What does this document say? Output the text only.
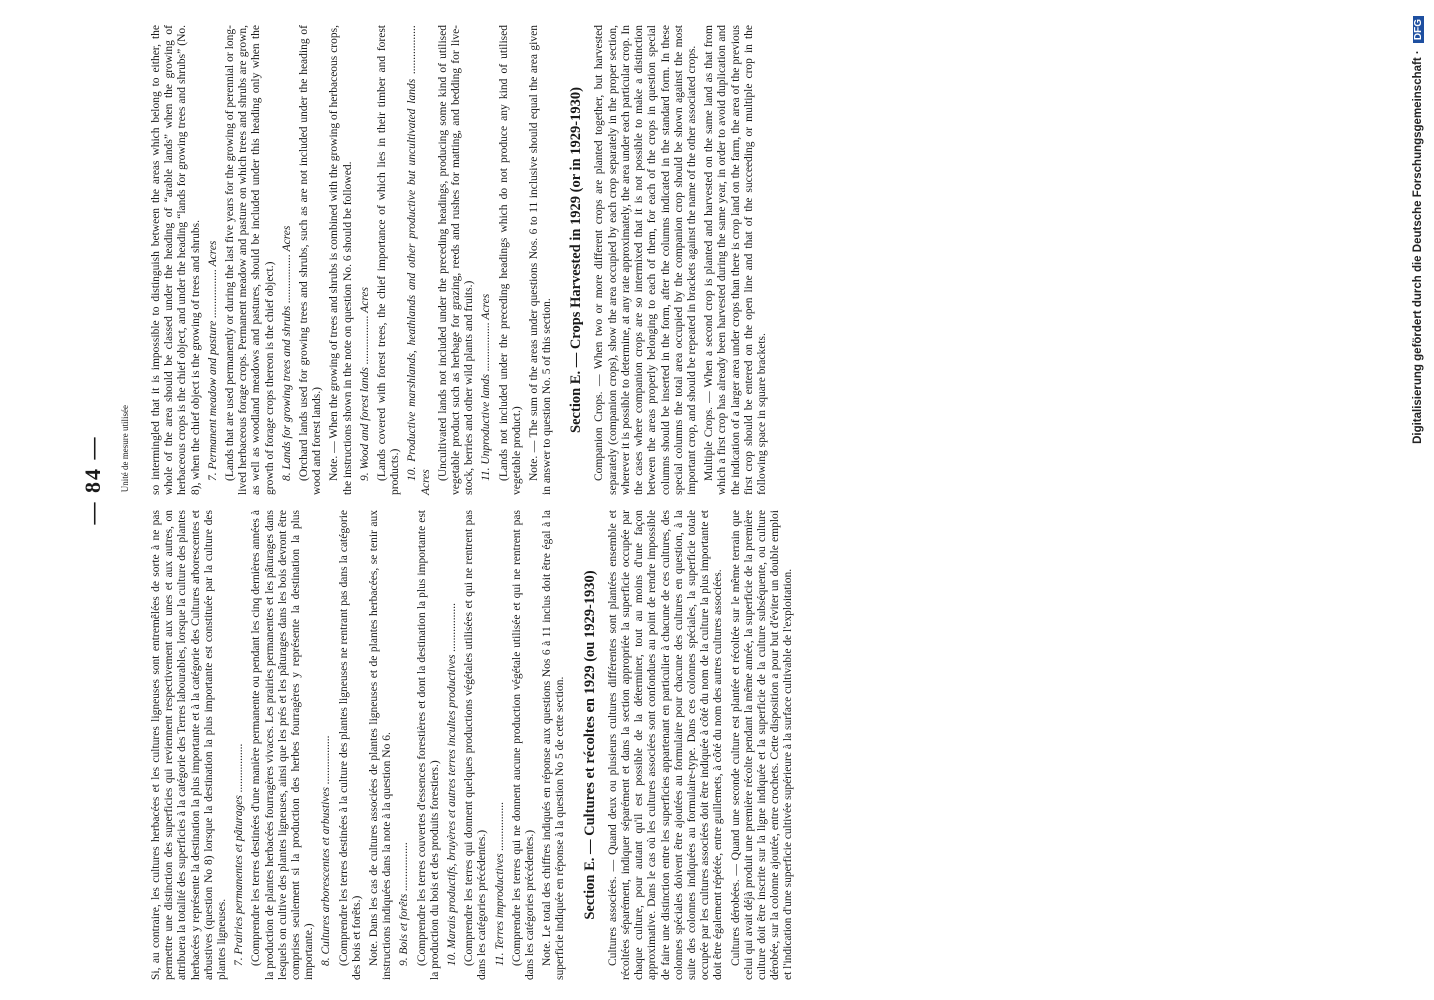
— 84 —	Unité de mesure utilisée

Si, au contraire, les cultures herbacées et les cultures ligneuses sont entremêlées de sorte à ne pas permettre une distinction des superficies qui reviennent respectivement aux unes et aux autres, on attribuera la totalité des superficies à la catégorie des Terres labourables, lorsque la culture des plantes herbacées y représente la destination la plus importante et à la catégorie des Cultures arborescentes et arbustives (question No 8) lorsque la destination la plus importante est constituée par la culture des plantes ligneuses. 7. Prairies permanentes et pâturages ................. (Comprendre les terres destinées d'une manière permanente ou pendant les cinq dernières années à la production de plantes herbacées fourragères vivaces. Les prairies permanentes et les pâturages dans lesquels on cultive des plantes ligneuses, ainsi que les prés et les pâturages dans les bois devront être comprises seulement si la production des herbes fourragères y représente la destination la plus importante.) 8. Cultures arborescentes et arbustives ................. (Comprendre les terres destinées à la culture des plantes ligneuses ne rentrant pas dans la catégorie des bois et forêts.) Note. Dans les cas de cultures associées de plantes ligneuses et de plantes herbacées, se tenir aux instructions indiquées dans la note à la question No 6. 9. Bois et forêts ................. (Comprendre les terres couvertes d'essences forestières et dont la destination la plus importante est la production du bois et des produits forestiers.) 10. Marais productifs, bruyères et autres terres incultes productives ................. (Comprendre les terres qui donnent quelques productions végétales utilisées et qui ne rentrent pas dans les catégories précédentes.) 11. Terres improductives ................. (Comprendre les terres qui ne donnent aucune production végétale utilisée et qui ne rentrent pas dans les catégories précédentes.) Note. Le total des chiffres indiqués en réponse aux questions Nos 6 à 11 inclus doit être égal à la superficie indiquée en réponse à la question No 5 de cette section. Section E. — Cultures et récoltes en 1929 (ou 1929-1930) Cultures associées. — Quand deux ou plusieurs cultures différentes sont plantées ensemble et récoltées séparément, indiquer séparément et dans la section appropriée la superficie occupée par chaque culture, pour autant qu'il est possible de la déterminer, tout au moins d'une façon approximative. Dans le cas où les cultures associées sont confondues au point de rendre impossible de faire une distinction entre les superficies appartenant en particulier à chacune de ces cultures, des colonnes spéciales doivent être ajoutées au formulaire pour chacune des cultures en question, à la suite des colonnes indiquées au formulaire-type. Dans ces colonnes spéciales, la superficie totale occupée par les cultures associées doit être indiquée à côté du nom de la culture la plus importante et doit être également répétée, entre guillemets, à côté du nom des autres cultures associées. Cultures dérobées. — Quand une seconde culture est plantée et récoltée sur le même terrain que celui qui avait déjà produit une première récolte pendant la même année, la superficie de la première culture doit être inscrite sur la ligne indiquée et la superficie de la culture subséquente, ou culture dérobée, sur la colonne ajoutée, entre crochets. Cette disposition a pour but d'éviter un double emploi et l'indication d'une superficie cultivée supérieure à la surface cultivable de l'exploitation.

so intermingled that it is impossible to distinguish between the areas which belong to either, the whole of the area should be classed under the heading of “arable lands” when the growing of herbaceous crops is the chief object, and under the heading “lands for growing trees and shrubs” (No. 8), when the chief object is the growing of trees and shrubs. 7. Permanent meadow and pasture ................. Acres (Lands that are used permanently or during the last five years for the growing of perennial or long-lived herbaceous forage crops. Permanent meadow and pasture on which trees and shrubs are grown, as well as woodland meadows and pastures, should be included under this heading only when the growth of forage crops thereon is the chief object.) 8. Lands for growing trees and shrubs ................. Acres (Orchard lands used for growing trees and shrubs, such as are not included under the heading of wood and forest lands.) Note. — When the growing of trees and shrubs is combined with the growing of herbaceous crops, the instructions shown in the note on question No. 6 should be followed. 9. Wood and forest lands ................. Acres (Lands covered with forest trees, the chief importance of which lies in their timber and forest products.) 10. Productive marshlands, heathlands and other productive but uncultivated lands ................. Acres

(Uncultivated lands not included under the preceding headings, producing some kind of utilised vegetable product such as herbage for grazing, reeds and rushes for matting, and bedding for live-stock, berries and other wild plants and fruits.) 11. Unproductive lands ................. Acres (Lands not included under the preceding headings which do not produce any kind of utilised vegetable product.) Note. — The sum of the areas under questions Nos. 6 to 11 inclusive should equal the area given in answer to question No. 5 of this section. Section E. — Crops Harvested in 1929 (or in 1929-1930) Companion Crops. — When two or more different crops are planted together, but harvested separately (companion crops), show the area occupied by each crop separately in the proper section, wherever it is possible to determine, at any rate approximately, the area under each particular crop. In the cases where companion crops are so intermixed that it is not possible to make a distinction between the areas properly belonging to each of them, for each of the crops in question special columns should be inserted in the form, after the columns indicated in the standard form. In these special columns the total area occupied by the companion crop should be shown against the most important crop, and should be repeated in brackets against the name of the other associated crops. Multiple Crops. — When a second crop is planted and harvested on the same land as that from which a first crop has already been harvested during the same year, in order to avoid duplication and the indication of a larger area under crops than there is crop land on the farm, the area of the previous first crop should be entered on the open line and that of the succeeding or multiple crop in the following space in square brackets.	Digitalisierung gefördert durch die Deutsche Forschungsgemeinschaft · DFG
